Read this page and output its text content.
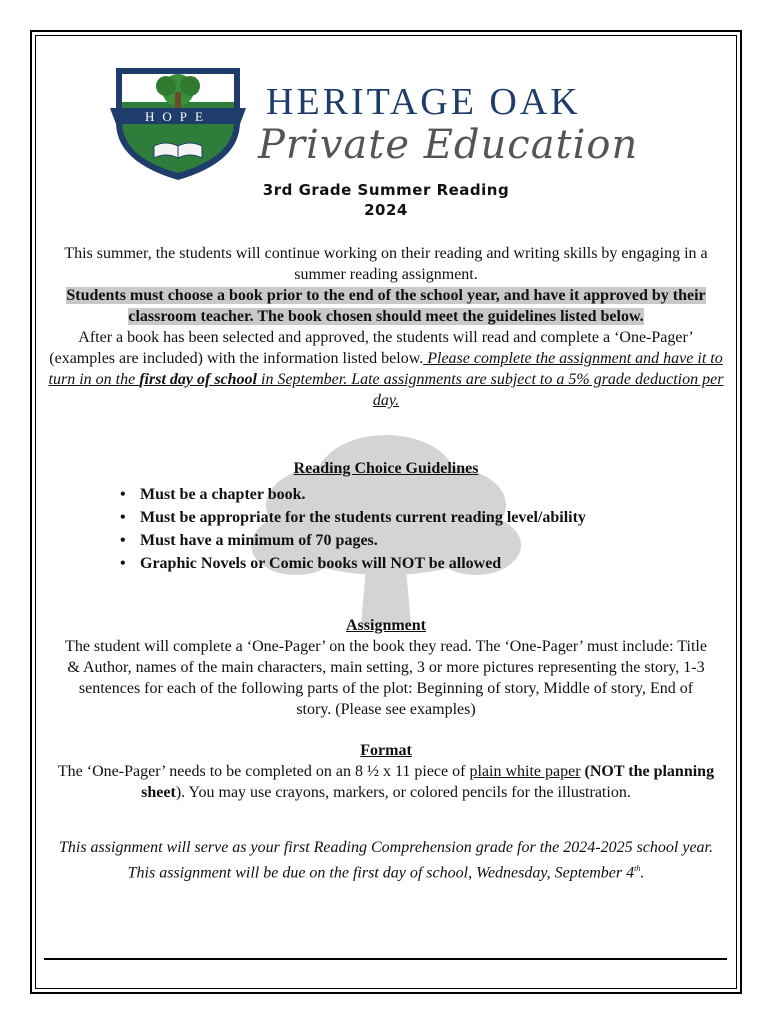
HOPE HERITAGE OAK
Private Education
3rd Grade Summer Reading
2024

This summer, the students will continue working on their reading and writing skills by engaging in a summer reading assignment.

Students must choose a book prior to the end of the school year, and have it approved by their classroom teacher. The book chosen should meet the guidelines listed below.

After a book has been selected and approved, the students will read and complete a ‘One-Pager’ (examples are included) with the information listed below. Please complete the assignment and have it to turn in on the first day of school in September. Late assignments are subject to a 5% grade deduction per day.

Reading Choice Guidelines
• Must be a chapter book.
• Must be appropriate for the students current reading level/ability
• Must have a minimum of 70 pages.
• Graphic Novels or Comic books will NOT be allowed
Assignment

The student will complete a ‘One-Pager’ on the book they read. The ‘One-Pager’ must include: Title & Author, names of the main characters, main setting, 3 or more pictures representing the story, 1-3 sentences for each of the following parts of the plot: Beginning of story, Middle of story, End of story. (Please see examples)

Format

The ‘One-Pager’ needs to be completed on an 8 ½ x 11 piece of plain white paper (NOT the planning sheet). You may use crayons, markers, or colored pencils for the illustration.

This assignment will serve as your first Reading Comprehension grade for the 2024-2025 school year. This assignment will be due on the first day of school, Wednesday, September 4th.
